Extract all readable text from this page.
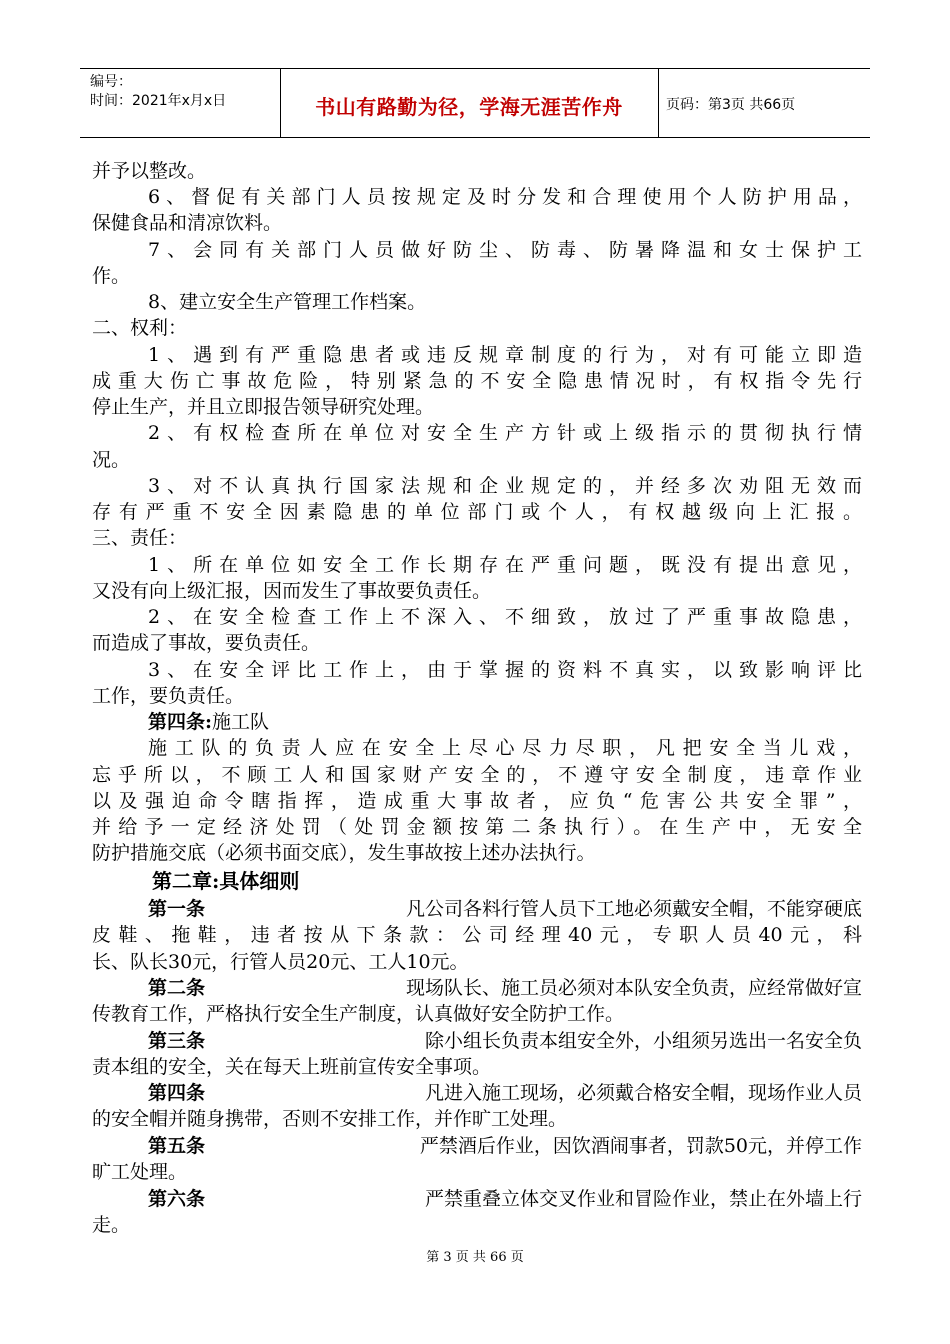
编号：
时间：2021年x月x日	书山有路勤为径，学海无涯苦作舟	页码：第3页 共66页
并予以整改。
6、督促有关部门人员按规定及时分发和合理使用个人防护用品，
保健食品和清凉饮料。
7、会同有关部门人员做好防尘、防毒、防暑降温和女士保护工
作。
8、建立安全生产管理工作档案。
二、权利：
1、遇到有严重隐患者或违反规章制度的行为，对有可能立即造
成重大伤亡事故危险，特别紧急的不安全隐患情况时，有权指令先行
停止生产，并且立即报告领导研究处理。
2、有权检查所在单位对安全生产方针或上级指示的贯彻执行情
况。
3、对不认真执行国家法规和企业规定的，并经多次劝阻无效而
存有严重不安全因素隐患的单位部门或个人，有权越级向上汇报。
三、责任：
1、所在单位如安全工作长期存在严重问题，既没有提出意见，
又没有向上级汇报，因而发生了事故要负责任。
2、在安全检查工作上不深入、不细致，放过了严重事故隐患，
而造成了事故，要负责任。
3、在安全评比工作上，由于掌握的资料不真实，以致影响评比
工作，要负责任。
第四条:施工队
施工队的负责人应在安全上尽心尽力尽职，凡把安全当儿戏，
忘乎所以，不顾工人和国家财产安全的，不遵守安全制度，违章作业
以及强迫命令瞎指挥，造成重大事故者，应负“危害公共安全罪”，
并给予一定经济处罚（处罚金额按第二条执行）。在生产中，无安全
防护措施交底（必须书面交底），发生事故按上述办法执行。
第二章:具体细则
第一条	凡公司各料行管人员下工地必须戴安全帽，不能穿硬底
皮鞋、拖鞋，违者按从下条款：公司经理40元，专职人员40元，科
长、队长30元，行管人员20元、工人10元。
第二条	现场队长、施工员必须对本队安全负责，应经常做好宣
传教育工作，严格执行安全生产制度，认真做好安全防护工作。
第三条	除小组长负责本组安全外，小组须另选出一名安全负
责本组的安全，关在每天上班前宣传安全事项。
第四条	凡进入施工现场，必须戴合格安全帽，现场作业人员
的安全帽并随身携带，否则不安排工作，并作旷工处理。
第五条	严禁酒后作业，因饮酒闹事者，罚款50元，并停工作
旷工处理。
第六条	严禁重叠立体交叉作业和冒险作业，禁止在外墙上行
走。
第 3 页 共 66 页
